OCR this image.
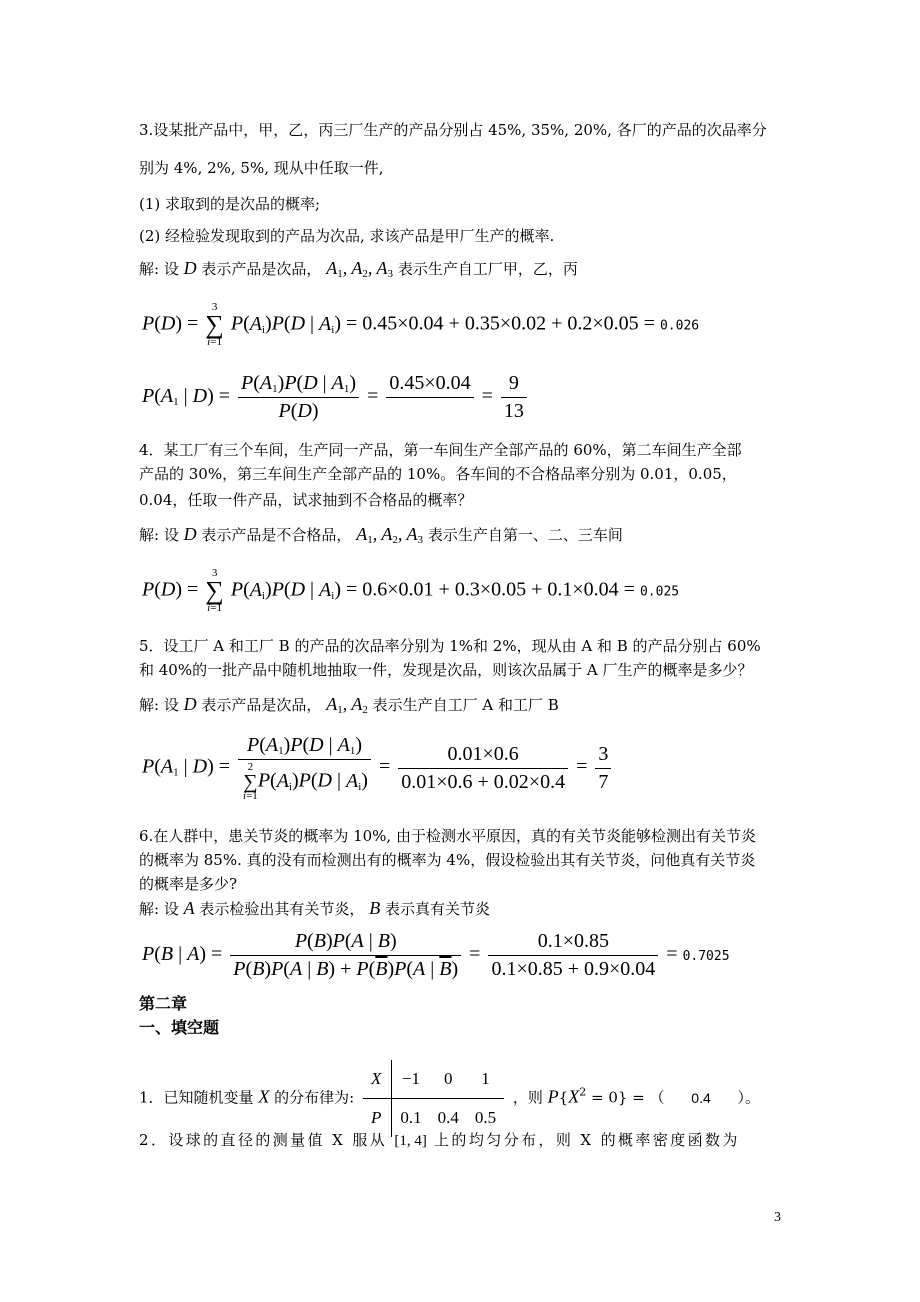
3.设某批产品中，甲，乙，丙三厂生产的产品分别占 45%, 35%, 20%, 各厂的产品的次品率分
别为 4%, 2%, 5%, 现从中任取一件,
(1) 求取到的是次品的概率;
(2) 经检验发现取到的产品为次品, 求该产品是甲厂生产的概率.
解: 设 D 表示产品是次品， $A_1$, $A_2$, $A_3$ 表示生产自工厂甲，乙，丙
P(D) =
3
∑
i=1
$P(A_i)P(D$ | $A_i) = 0.45\times 0.04 + 0.35\times 0.02 + 0.2\times 0.05 = 0.026$
$P(A_1$ | $D) = \frac{P(A_1)P(D | A_1)}{P(D)}$ =
0.45×0.04

= $\frac{9}{13}$
4．某工厂有三个车间，生产同一产品，第一车间生产全部产品的 60%，第二车间生产全部
产品的 30%，第三车间生产全部产品的 10%。各车间的不合格品率分别为 0.01，0.05，
0.04，任取一件产品，试求抽到不合格品的概率？
解: 设 D 表示产品是不合格品， $A_1$, $A_2$, $A_3$ 表示生产自第一、二、三车间
P(D) =
3
∑
i=1
$P(A_i)P(D$ | $A_i) = 0.6\times 0.01 + 0.3\times 0.05 + 0.1\times 0.04 = 0.025$
5．设工厂 A 和工厂 B 的产品的次品率分别为 1%和 2%，现从由 A 和 B 的产品分别占 60%
和 40%的一批产品中随机地抽取一件，发现是次品，则该次品属于 A 厂生产的概率是多少？
解: 设 D 表示产品是次品， $A_1$, $A_2$ 表示生产自工厂 A 和工厂 B
$P(A_1$ | $D) = P(A_1)P(D$ | $A_1$)
2
∑
i=1
$P(A_i)P(D$ | $A_i) = \frac{0.01\times 0.6}{0.01\times 0.6 + 0.02\times 0.4} = \frac{3}{7}$
6.在人群中，患关节炎的概率为 10%, 由于检测水平原因，真的有关节炎能够检测出有关节炎
的概率为 85%. 真的没有而检测出有的概率为 4%，假设检验出其有关节炎，问他真有关节炎
的概率是多少?
解: 设 A 表示检验出其有关节炎， B 表示真有关节炎
P(B | $A) = \frac{P(B)P(A | B)}{P(B)P(A | B) + P(\overline{B})P(A | \overline{B})} = \frac{0.1\times 0.85}{0.1\times 0.85 + 0.9\times 0.04} = 0.7025$
第二章
一、填空题
1．已知随机变量 X 的分布律为:
X	−1	0	1
P	0.1	0.4	0.5
，则 $P\{X^2 = 0\}$ = （ 0.4 ）。
2．设球的直径的测量值 X 服从 [1, 4] 上的均匀分布，则 X 的概率密度函数为
3
